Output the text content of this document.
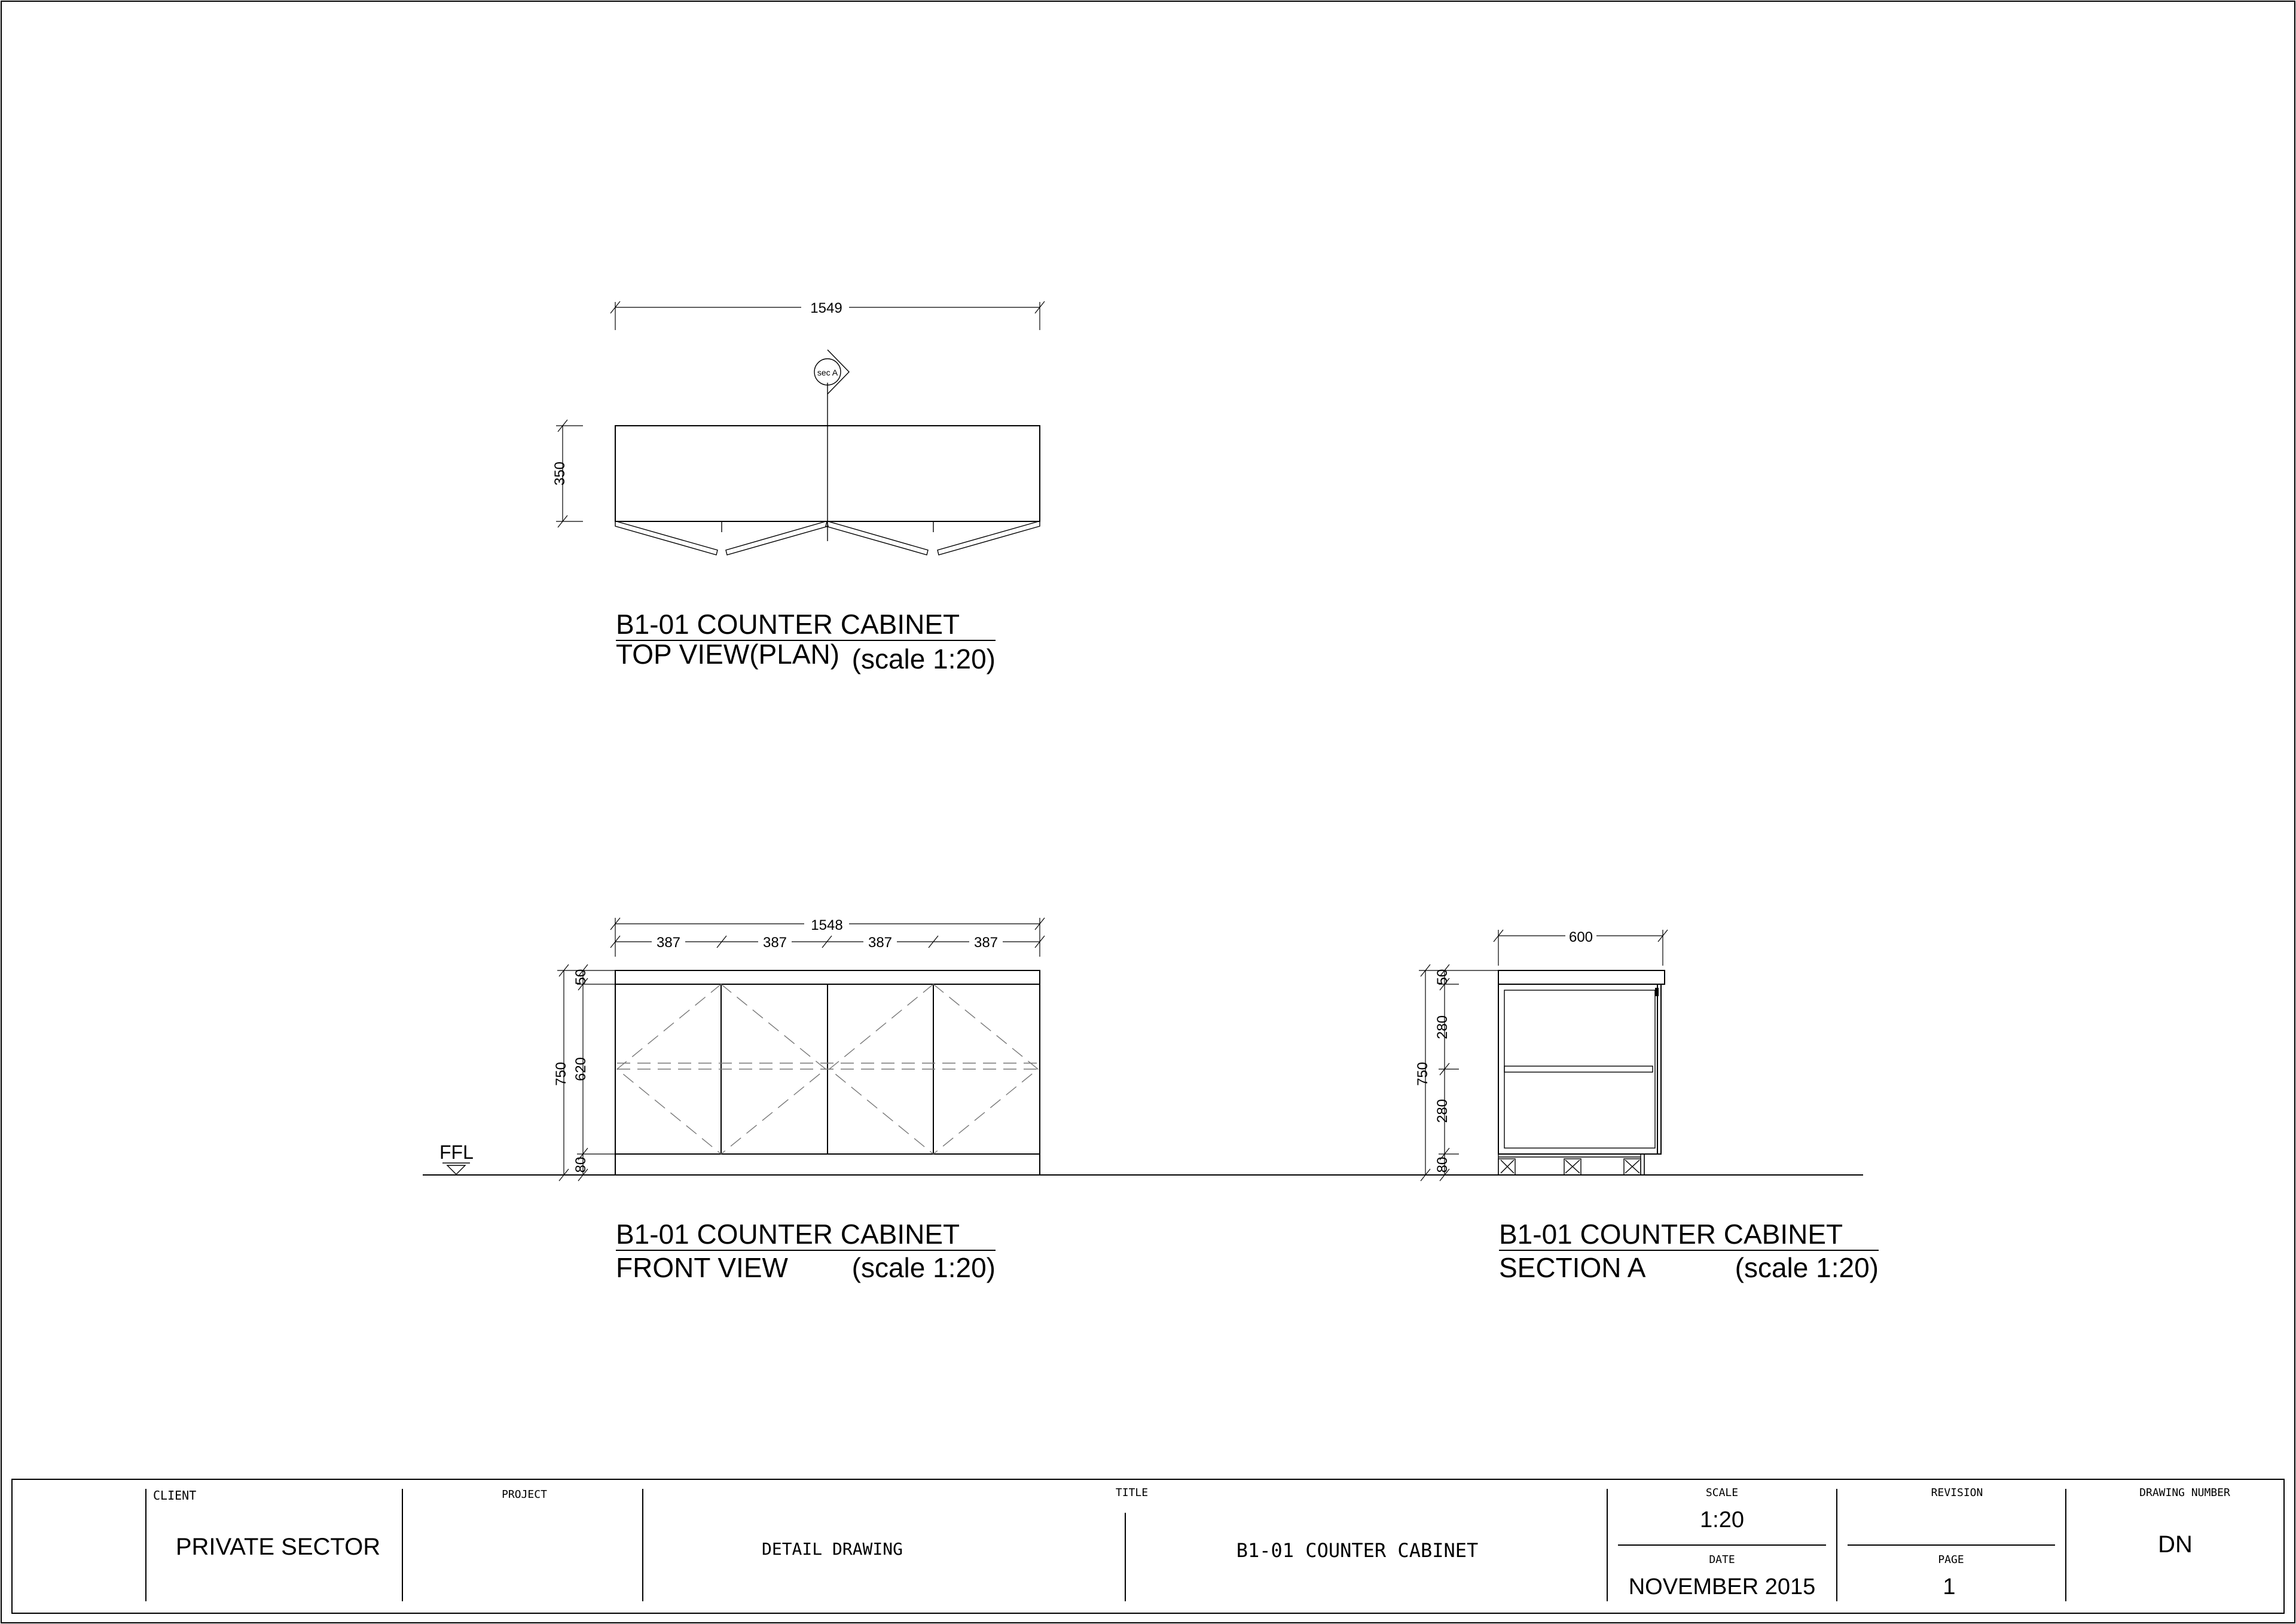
1549
350
sec A
B1-01 COUNTER CABINET
TOP VIEW(PLAN) (scale 1:20)
FFL
1548
387	387	387	387
750
50
620
80
B1-01 COUNTER CABINET
FRONT VIEW (scale 1:20)
600
750
50
280
280
80
B1-01 COUNTER CABINET
SECTION A	(scale 1:20)
CLIENT
PRIVATE SECTOR
PROJECT	TITLE
DETAIL DRAWING	B1-01 COUNTER CABINET
SCALE
1:20
DATE
NOVEMBER 2015
REVISION
PAGE
1
DRAWING NUMBER
DN
